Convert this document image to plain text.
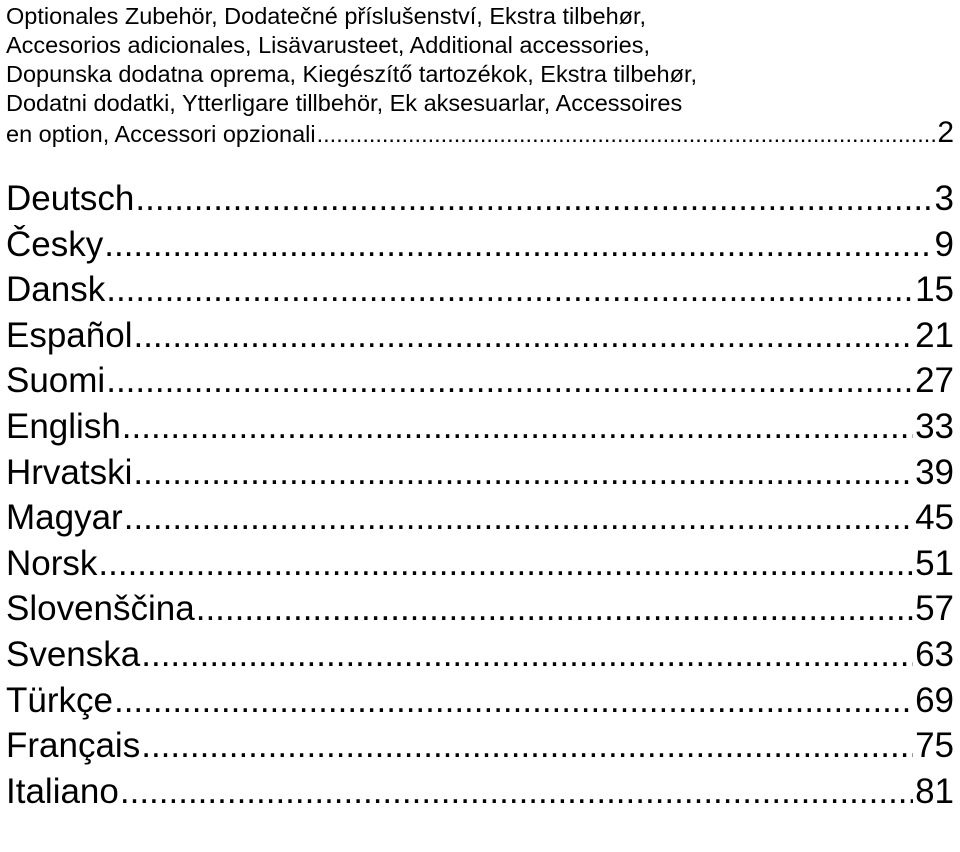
Optionales Zubehör, Dodatečné příslušenství, Ekstra tilbehør,
Accesorios adicionales, Lisävarusteet, Additional accessories,
Dopunska dodatna oprema, Kiegészítő tartozékok, Ekstra tilbehør,
Dodatni dodatki, Ytterligare tillbehör, Ek aksesuarlar, Accessoires
en option, Accessori opzionali .....	2
Deutsch .....	3
Česky .....	9
Dansk .....	15
Español .....	21
Suomi .....	27
English .....	33
Hrvatski .....	39
Magyar .....	45
Norsk .....	51
Slovenščina .....	57
Svenska .....	63
Türkçe .....	69
Français .....	75
Italiano .....	81
